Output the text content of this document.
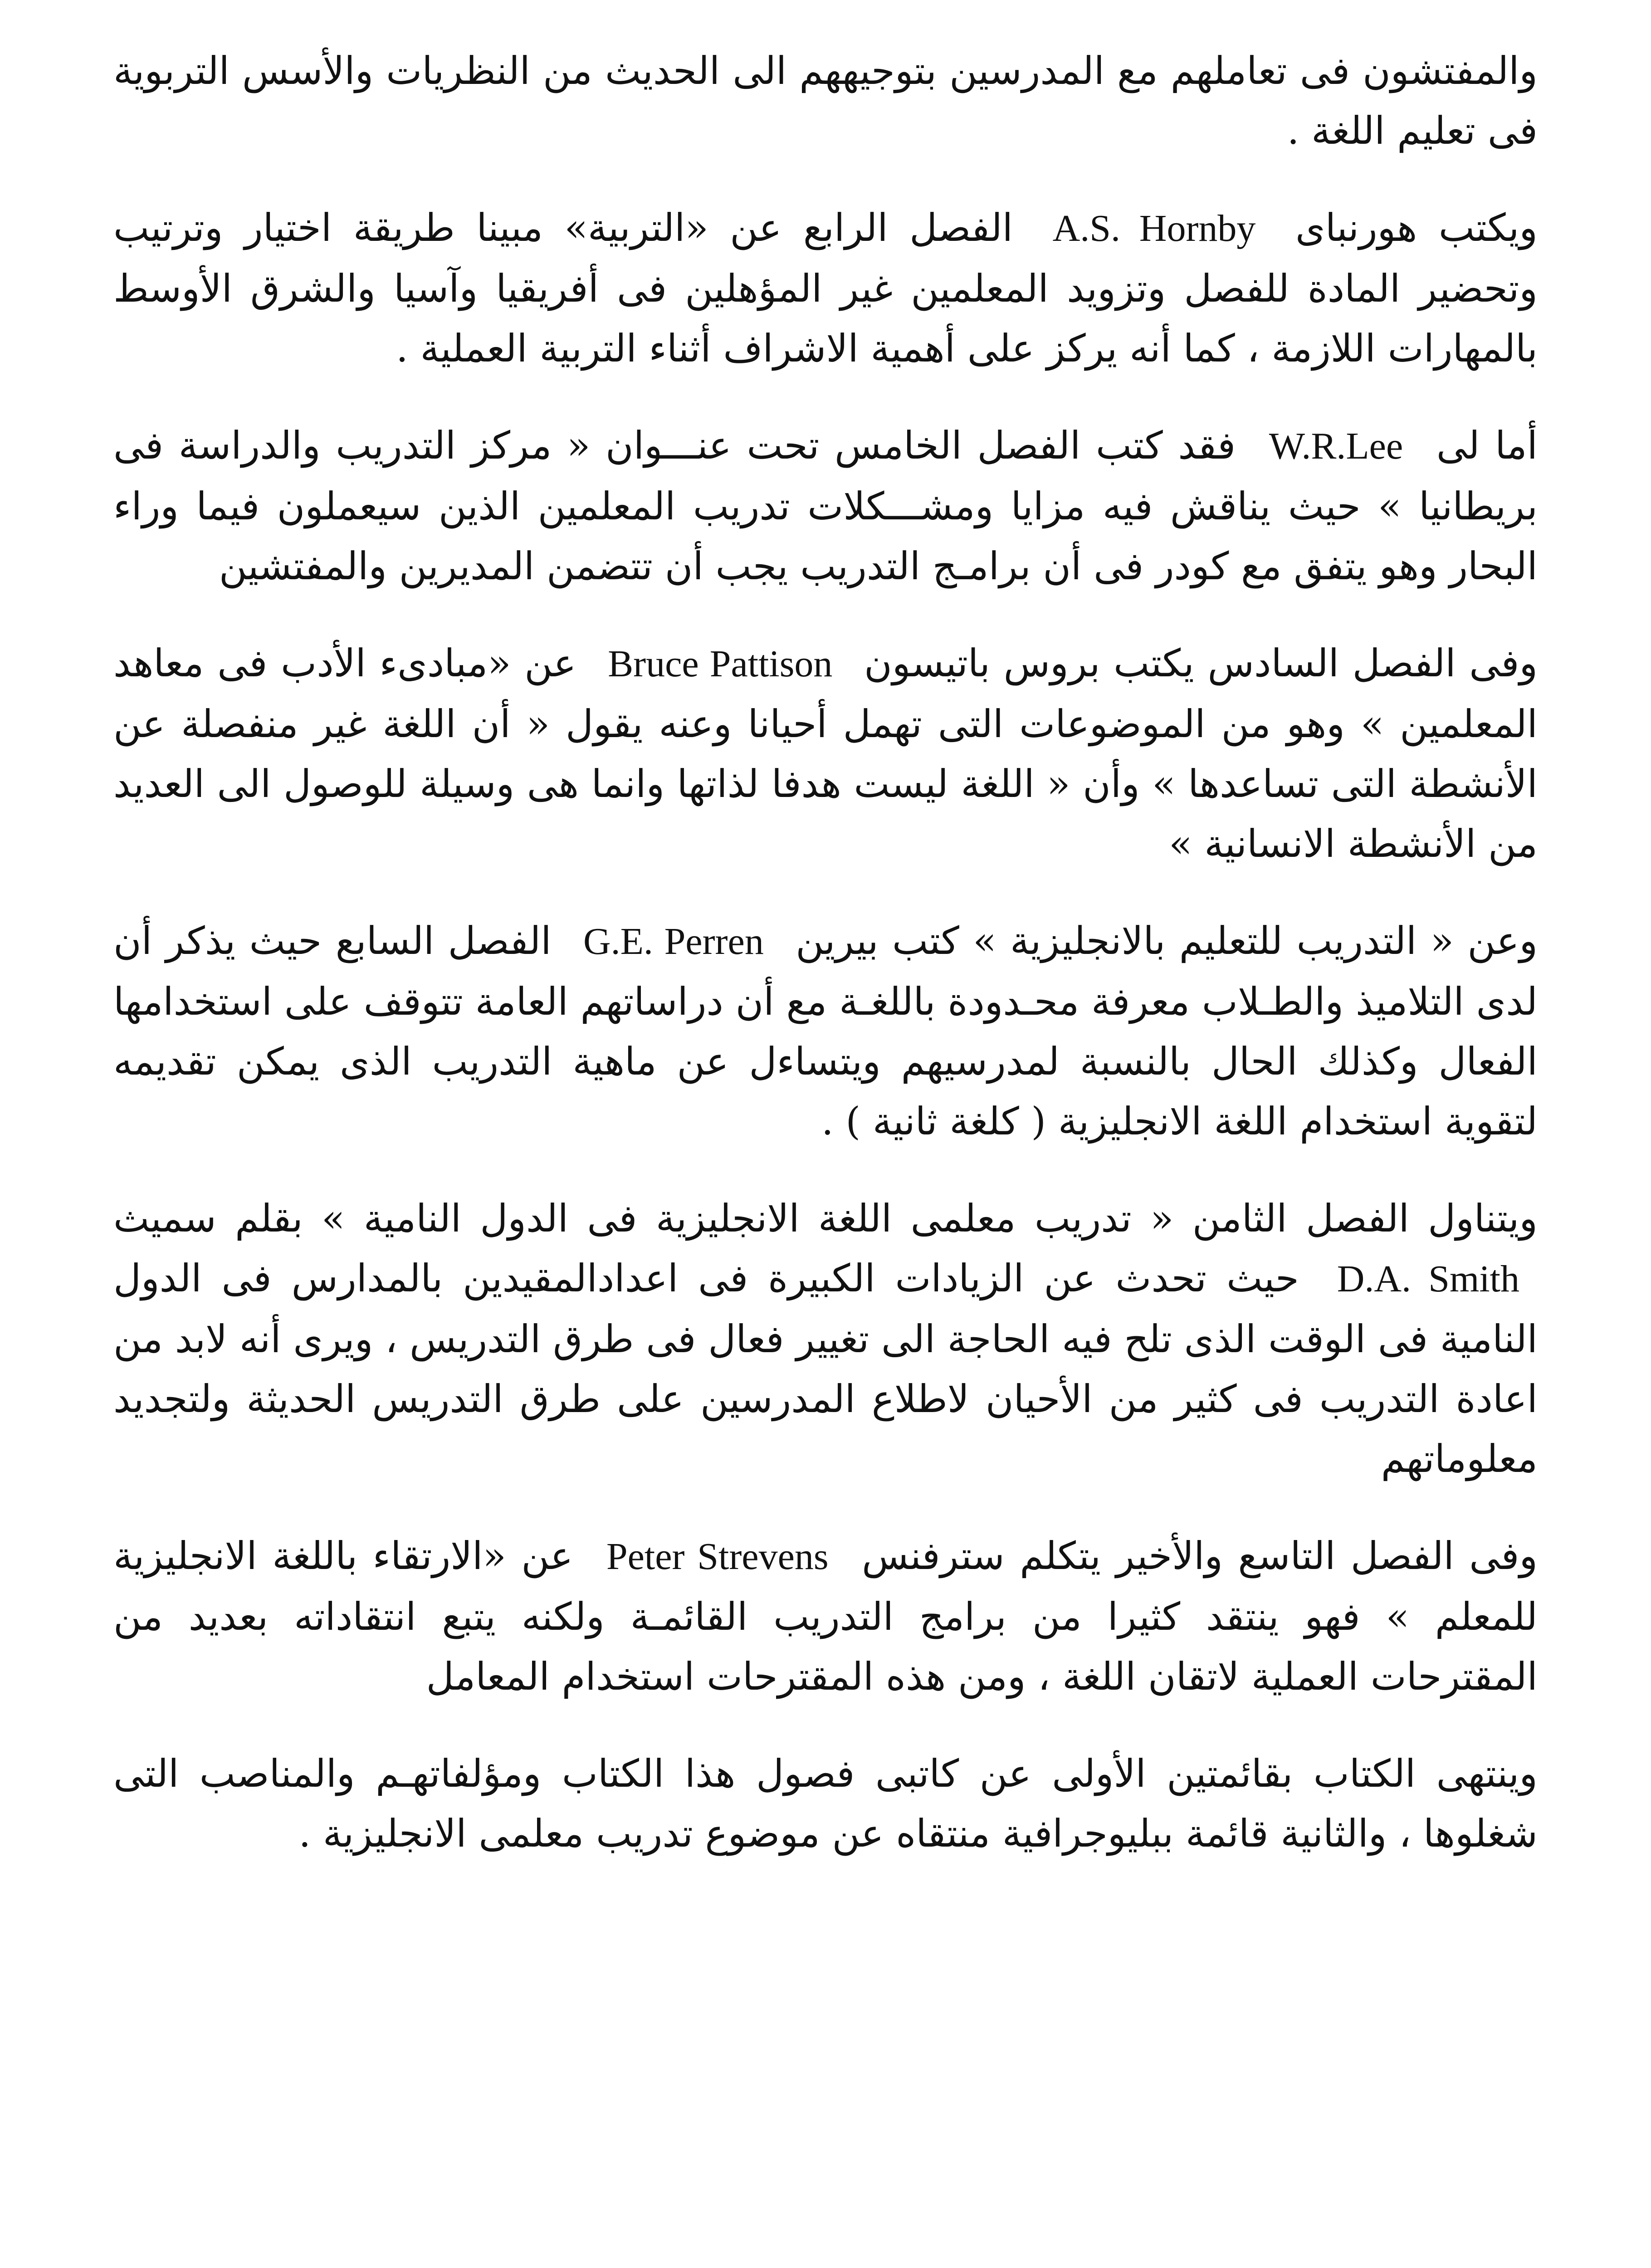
والمفتشون فى تعاملهم مع المدرسين بتوجيههم الى الحديث من النظريات والأسس التربوية فى تعليم اللغة .

ويكتب هورنباى A.S. Hornby الفصل الرابع عن «التربية» مبينا طريقة اختيار وترتيب وتحضير المادة للفصل وتزويد المعلمين غير المؤهلين فى أفريقيا وآسيا والشرق الأوسط بالمهارات اللازمة ، كما أنه يركز على أهمية الاشراف أثناء التربية العملية .

أما لى W.R.Lee فقد كتب الفصل الخامس تحت عنـــوان « مركز التدريب والدراسة فى بريطانيا » حيث يناقش فيه مزايا ومشـــكلات تدريب المعلمين الذين سيعملون فيما وراء البحار وهو يتفق مع كودر فى أن برامـج التدريب يجب أن تتضمن المديرين والمفتشين

وفى الفصل السادس يكتب بروس باتيسون Bruce Pattison عن «مبادىء الأدب فى معاهد المعلمين » وهو من الموضوعات التى تهمل أحيانا وعنه يقول « أن اللغة غير منفصلة عن الأنشطة التى تساعدها » وأن « اللغة ليست هدفا لذاتها وانما هى وسيلة للوصول الى العديد من الأنشطة الانسانية »

وعن « التدريب للتعليم بالانجليزية » كتب بيرين G.E. Perren الفصل السابع حيث يذكر أن لدى التلاميذ والطـلاب معرفة محـدودة باللغـة مع أن دراساتهم العامة تتوقف على استخدامها الفعال وكذلك الحال بالنسبة لمدرسيهم ويتساءل عن ماهية التدريب الذى يمكن تقديمه لتقوية استخدام اللغة الانجليزية ( كلغة ثانية ) .

ويتناول الفصل الثامن « تدريب معلمى اللغة الانجليزية فى الدول النامية » بقلم سميث D.A. Smith حيث تحدث عن الزيادات الكبيرة فى اعدادالمقيدين بالمدارس فى الدول النامية فى الوقت الذى تلح فيه الحاجة الى تغيير فعال فى طرق التدريس ، ويرى أنه لابد من اعادة التدريب فى كثير من الأحيان لاطلاع المدرسين على طرق التدريس الحديثة ولتجديد معلوماتهم

وفى الفصل التاسع والأخير يتكلم سترفنس Peter Strevens عن «الارتقاء باللغة الانجليزية للمعلم » فهو ينتقد كثيرا من برامج التدريب القائمـة ولكنه يتبع انتقاداته بعديد من المقترحات العملية لاتقان اللغة ، ومن هذه المقترحات استخدام المعامل

وينتهى الكتاب بقائمتين الأولى عن كاتبى فصول هذا الكتاب ومؤلفاتهـم والمناصب التى شغلوها ، والثانية قائمة ببليوجرافية منتقاه عن موضوع تدريب معلمى الانجليزية .
